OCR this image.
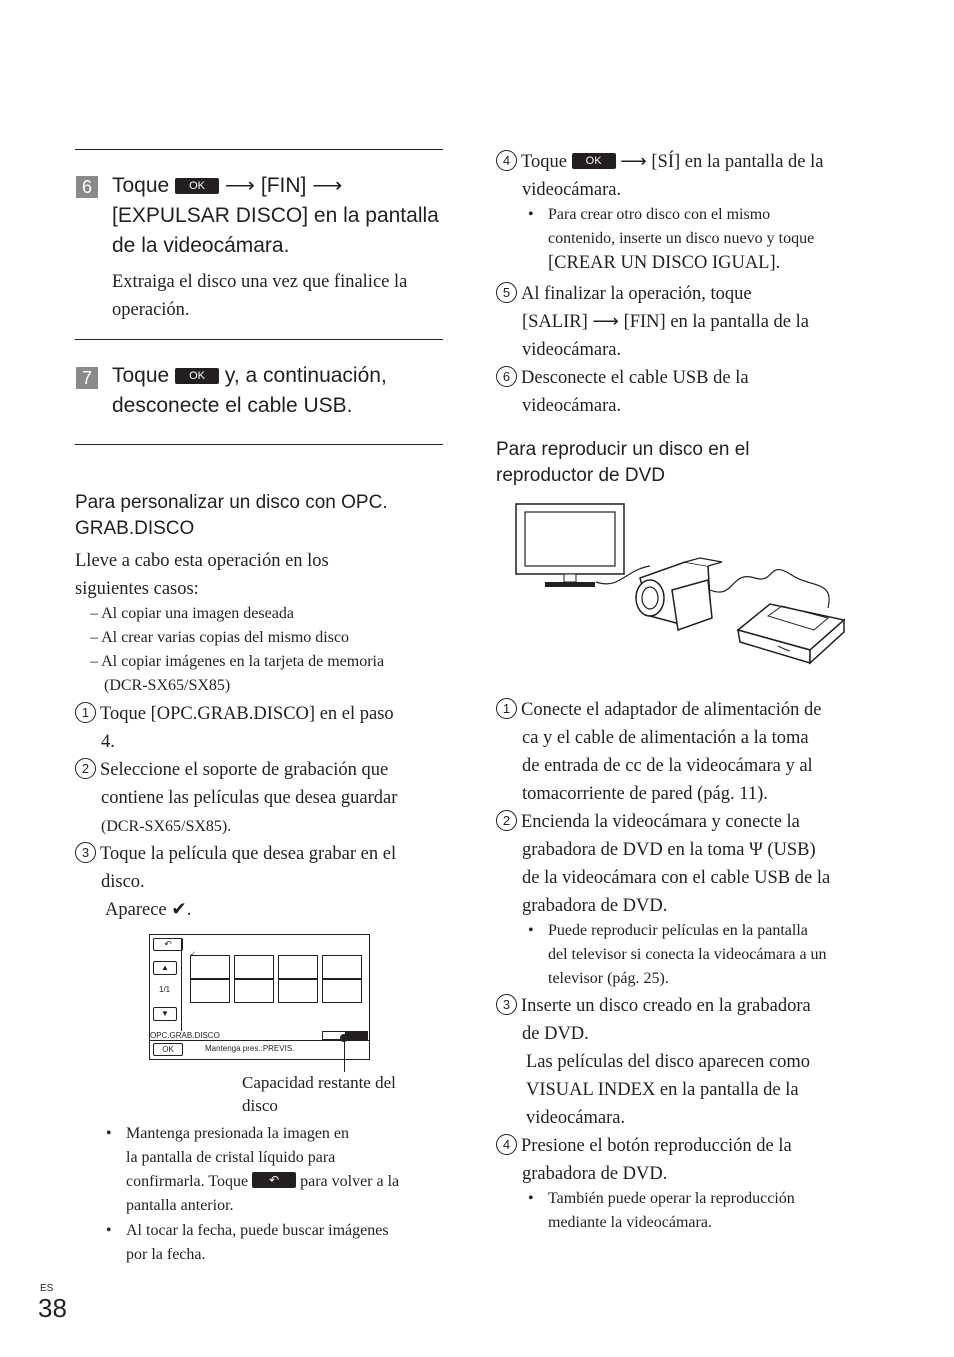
6 Toque OK ⟶ [FIN] ⟶
[EXPULSAR DISCO] en la pantalla
de la videocámara.
Extraiga el disco una vez que finalice la
operación.
7 Toque OK y, a continuación,
desconecte el cable USB.
Para personalizar un disco con OPC.
GRAB.DISCO
Lleve a cabo esta operación en los
siguientes casos:
– Al copiar una imagen deseada
– Al crear varias copias del mismo disco
– Al copiar imágenes en la tarjeta de memoria
(DCR-SX65/SX85)
1 Toque [OPC.GRAB.DISCO] en el paso
4.
2 Seleccione el soporte de grabación que
contiene las películas que desea guardar
(DCR-SX65/SX85).
3 Toque la película que desea grabar en el
disco.
Aparece ✔.
↶
▲
1/1
▼
✓
OPC.GRAB.DISCO
OK	Mantenga pres.:PREVIS.
Capacidad restante del
disco
Mantenga presionada la imagen en
la pantalla de cristal líquido para
confirmarla. Toque ↶ para volver a la
pantalla anterior.
Al tocar la fecha, puede buscar imágenes
por la fecha.
4 Toque OK ⟶ [SÍ] en la pantalla de la
videocámara.
Para crear otro disco con el mismo
contenido, inserte un disco nuevo y toque
[CREAR UN DISCO IGUAL].
5 Al finalizar la operación, toque
[SALIR] ⟶ [FIN] en la pantalla de la
videocámara.
6 Desconecte el cable USB de la
videocámara.
Para reproducir un disco en el
reproductor de DVD
1 Conecte el adaptador de alimentación de
ca y el cable de alimentación a la toma
de entrada de cc de la videocámara y al
tomacorriente de pared (pág. 11).
2 Encienda la videocámara y conecte la
grabadora de DVD en la toma Ψ (USB)
de la videocámara con el cable USB de la
grabadora de DVD.
Puede reproducir películas en la pantalla
del televisor si conecta la videocámara a un
televisor (pág. 25).
3 Inserte un disco creado en la grabadora
de DVD.
Las películas del disco aparecen como
VISUAL INDEX en la pantalla de la
videocámara.
4 Presione el botón reproducción de la
grabadora de DVD.
También puede operar la reproducción
mediante la videocámara.
ES
38
